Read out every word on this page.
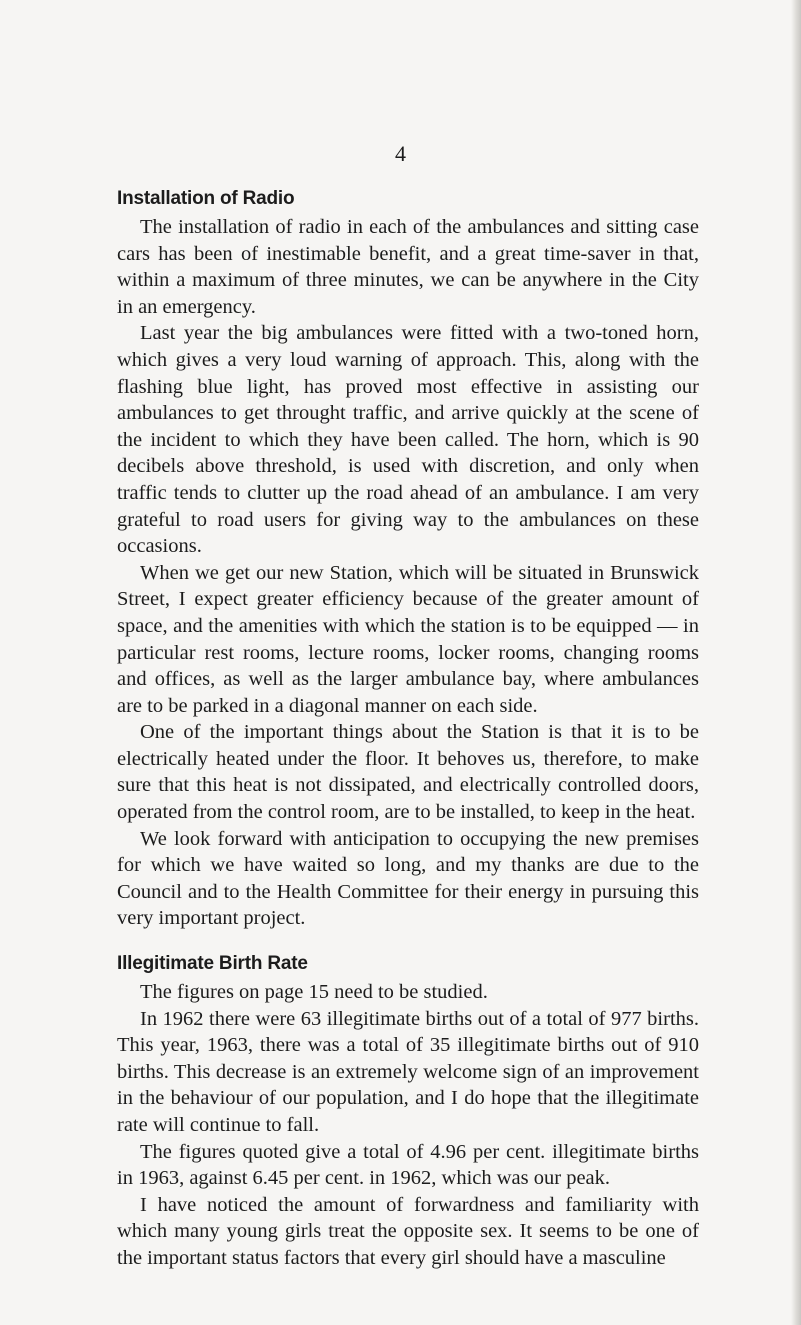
4
Installation of Radio

The installation of radio in each of the ambulances and sitting case cars has been of inestimable benefit, and a great time-saver in that, within a maximum of three minutes, we can be anywhere in the City in an emergency.

Last year the big ambulances were fitted with a two-toned horn, which gives a very loud warning of approach. This, along with the flashing blue light, has proved most effective in assisting our ambulances to get throught traffic, and arrive quickly at the scene of the incident to which they have been called. The horn, which is 90 decibels above threshold, is used with discretion, and only when traffic tends to clutter up the road ahead of an ambulance. I am very grateful to road users for giving way to the ambulances on these occasions.

When we get our new Station, which will be situated in Brunswick Street, I expect greater efficiency because of the greater amount of space, and the amenities with which the station is to be equipped — in particular rest rooms, lecture rooms, locker rooms, changing rooms and offices, as well as the larger ambulance bay, where ambulances are to be parked in a diagonal manner on each side.

One of the important things about the Station is that it is to be electrically heated under the floor. It behoves us, therefore, to make sure that this heat is not dissipated, and electrically controlled doors, operated from the control room, are to be installed, to keep in the heat.

We look forward with anticipation to occupying the new premises for which we have waited so long, and my thanks are due to the Council and to the Health Committee for their energy in pursuing this very important project.

Illegitimate Birth Rate

The figures on page 15 need to be studied.

In 1962 there were 63 illegitimate births out of a total of 977 births. This year, 1963, there was a total of 35 illegitimate births out of 910 births. This decrease is an extremely welcome sign of an improvement in the behaviour of our population, and I do hope that the illegitimate rate will continue to fall.

The figures quoted give a total of 4.96 per cent. illegitimate births in 1963, against 6.45 per cent. in 1962, which was our peak.

I have noticed the amount of forwardness and familiarity with which many young girls treat the opposite sex. It seems to be one of the important status factors that every girl should have a masculine
